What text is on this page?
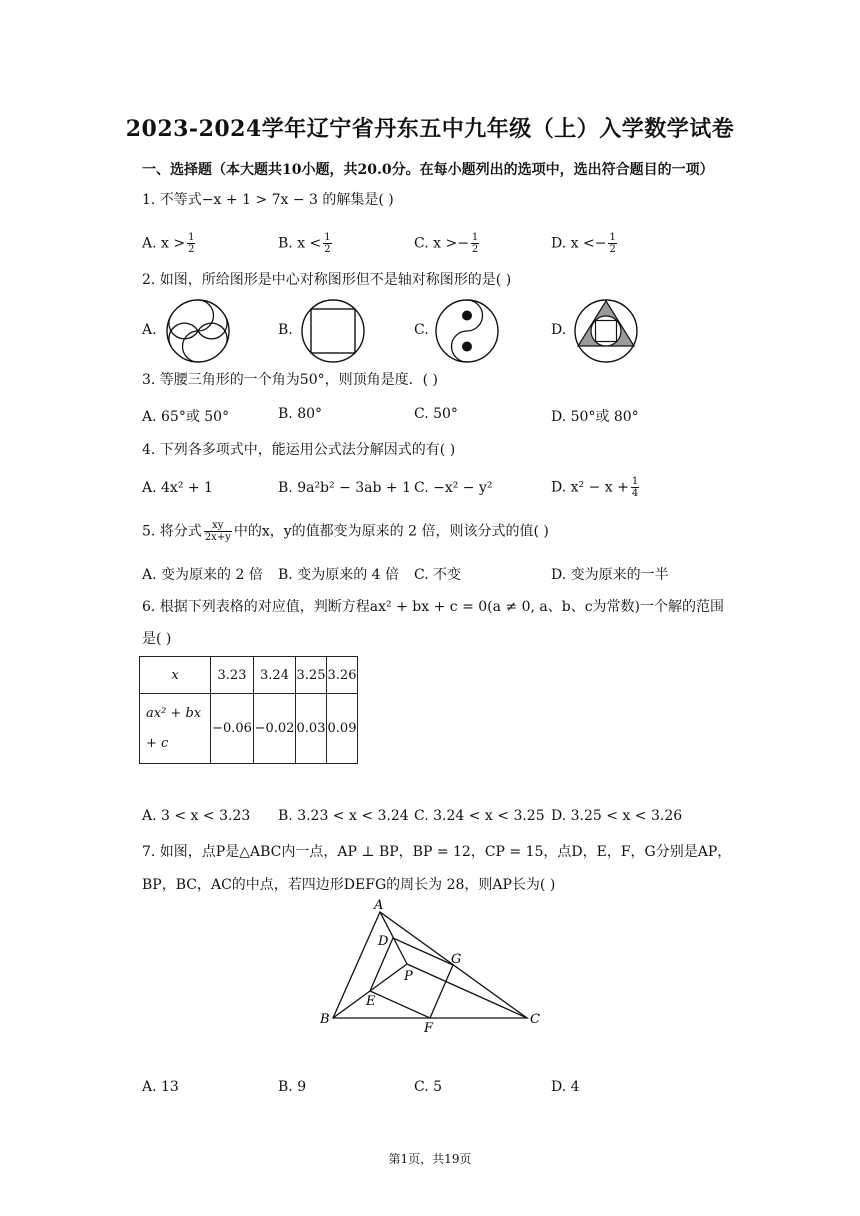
2023-2024学年辽宁省丹东五中九年级（上）入学数学试卷
一、选择题（本大题共10小题，共20.0分。在每小题列出的选项中，选出符合题目的一项）
1. 不等式−x + 1 > 7x − 3 的解集是( )
A. $x > \frac{1}{2}$	B. $x < \frac{1}{2}$	C. $x >- \frac{1}{2}$	D. $x <- \frac{1}{2}$
2. 如图，所给图形是中心对称图形但不是轴对称图形的是( )
A.	B.	C.	D.
3. 等腰三角形的一个角为50°，则顶角是度．( )
A. 65°或 50°	B. 80°	C. 50°	D. 50°或 80°
4. 下列各多项式中，能运用公式法分解因式的有( )
A. 4x² + 1	B. 9a²b² − 3ab + 1 C. −x² − y²	D. $x^2 - x + \frac{1}{4}$
5. 将分式 $\frac{xy}{2x+y}$ 中的x，y的值都变为原来的 2 倍，则该分式的值( )
A. 变为原来的 2 倍 B. 变为原来的 4 倍 C. 不变	D. 变为原来的一半
6. 根据下列表格的对应值，判断方程ax² + bx + c = 0(a ≠ 0, a、b、c为常数)一个解的范围
是( )
x	3.23	3.24	3.25	3.26

ax² + bx
+ c	−0.06	−0.02	0.03	0.09
A. 3 < x < 3.23 B. 3.23 < x < 3.24 C. 3.24 < x < 3.25 D. 3.25 < x < 3.26
7. 如图，点P是△ABC内一点，AP ⊥ BP，BP = 12，CP = 15，点D，E，F，G分别是AP，
BP，BC，AC的中点，若四边形DEFG的周长为 28，则AP长为( )
A
B	C
D
E
F
G
P
A. 13	B. 9	C. 5	D. 4
第1页，共19页
